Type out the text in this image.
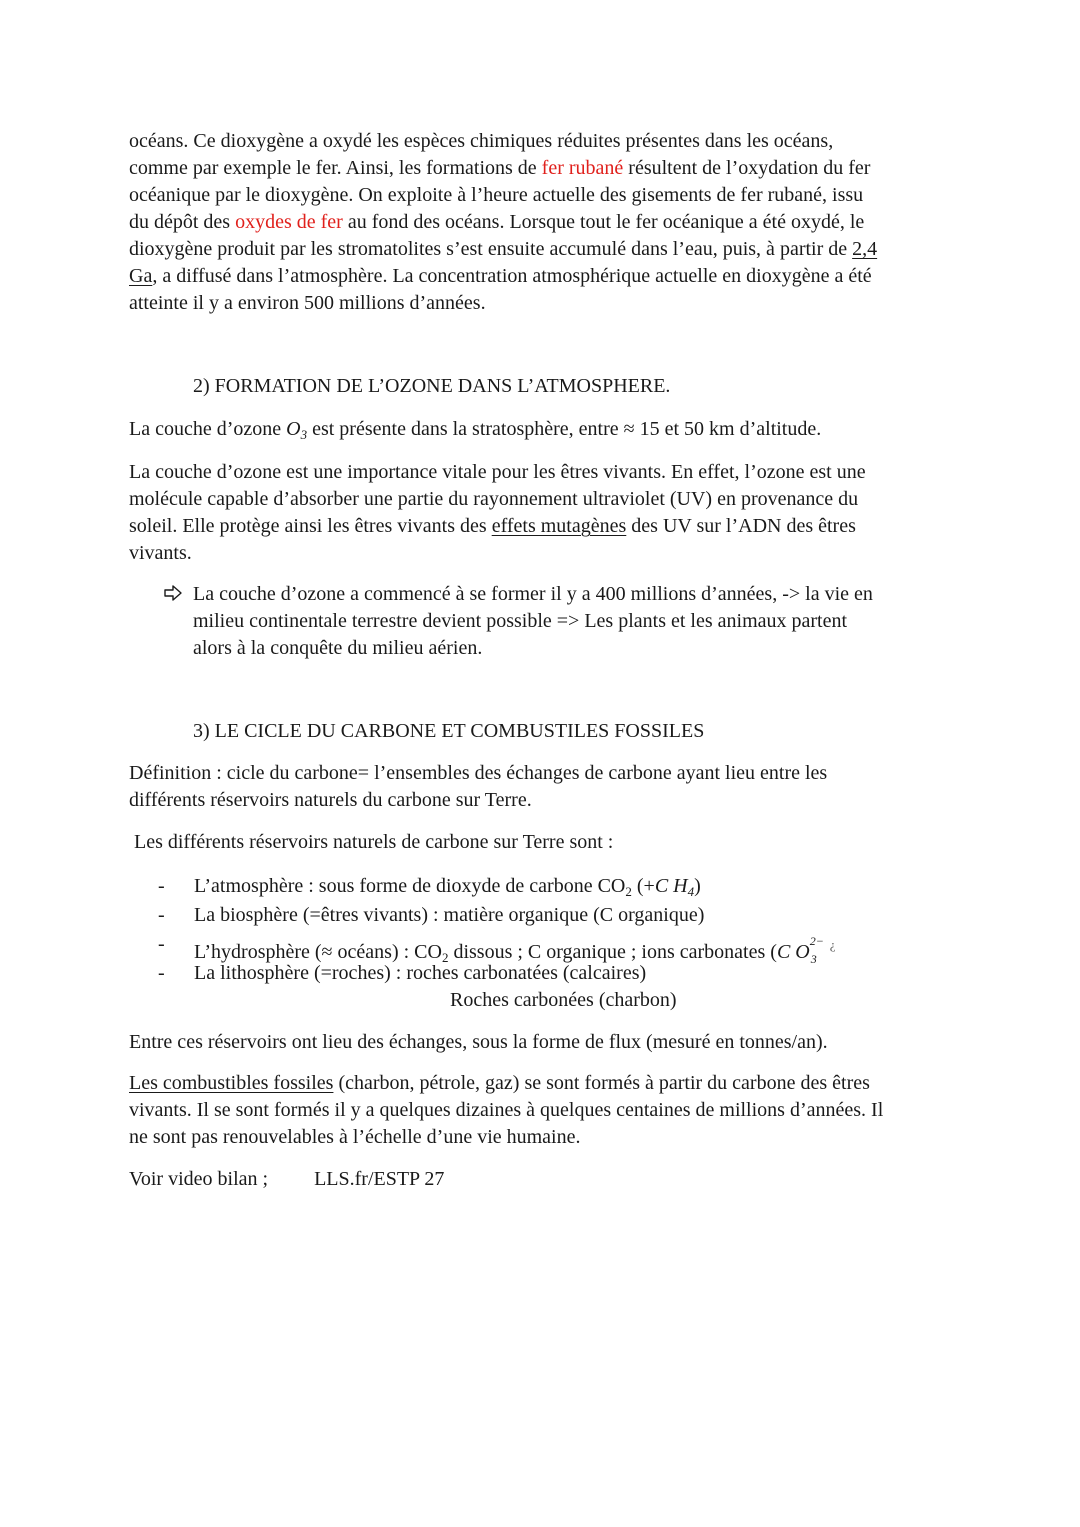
océans. Ce dioxygène a oxydé les espèces chimiques réduites présentes dans les océans,
comme par exemple le fer. Ainsi, les formations de fer rubané résultent de l’oxydation du fer
océanique par le dioxygène. On exploite à l’heure actuelle des gisements de fer rubané, issu
du dépôt des oxydes de fer au fond des océans. Lorsque tout le fer océanique a été oxydé, le
dioxygène produit par les stromatolites s’est ensuite accumulé dans l’eau, puis, à partir de 2,4
Ga, a diffusé dans l’atmosphère. La concentration atmosphérique actuelle en dioxygène a été
atteinte il y a environ 500 millions d’années.

2) FORMATION DE L’OZONE DANS L’ATMOSPHERE.

La couche d’ozone $O_3$ est présente dans la stratosphère, entre ≈ 15 et 50 km d’altitude.

La couche d’ozone est une importance vitale pour les êtres vivants. En effet, l’ozone est une
molécule capable d’absorber une partie du rayonnement ultraviolet (UV) en provenance du
soleil. Elle protège ainsi les êtres vivants des effets mutagènes des UV sur l’ADN des êtres
vivants.

La couche d’ozone a commencé à se former il y a 400 millions d’années, -> la vie en
milieu continentale terrestre devient possible => Les plants et les animaux partent
alors à la conquête du milieu aérien.
3) LE CICLE DU CARBONE ET COMBUSTILES FOSSILES

Définition : cicle du carbone= l’ensembles des échanges de carbone ayant lieu entre les
différents réservoirs naturels du carbone sur Terre.

Les différents réservoirs naturels de carbone sur Terre sont :

- L’atmosphère : sous forme de dioxyde de carbone $CO_2$ (+C $H_4$)
- La biosphère (=êtres vivants) : matière organique (C organique)
- L’hydrosphère (≈ océans) : $CO_2$ dissous ; C organique ; ions carbonates (C O 2−
3
¿
- La lithosphère (=roches) : roches carbonatées (calcaires)
Roches carbonées (charbon)

Entre ces réservoirs ont lieu des échanges, sous la forme de flux (mesuré en tonnes/an).

Les combustibles fossiles (charbon, pétrole, gaz) se sont formés à partir du carbone des êtres
vivants. Il se sont formés il y a quelques dizaines à quelques centaines de millions d’années. Il
ne sont pas renouvelables à l’échelle d’une vie humaine.

Voir video bilan ; LLS.fr/ESTP 27
